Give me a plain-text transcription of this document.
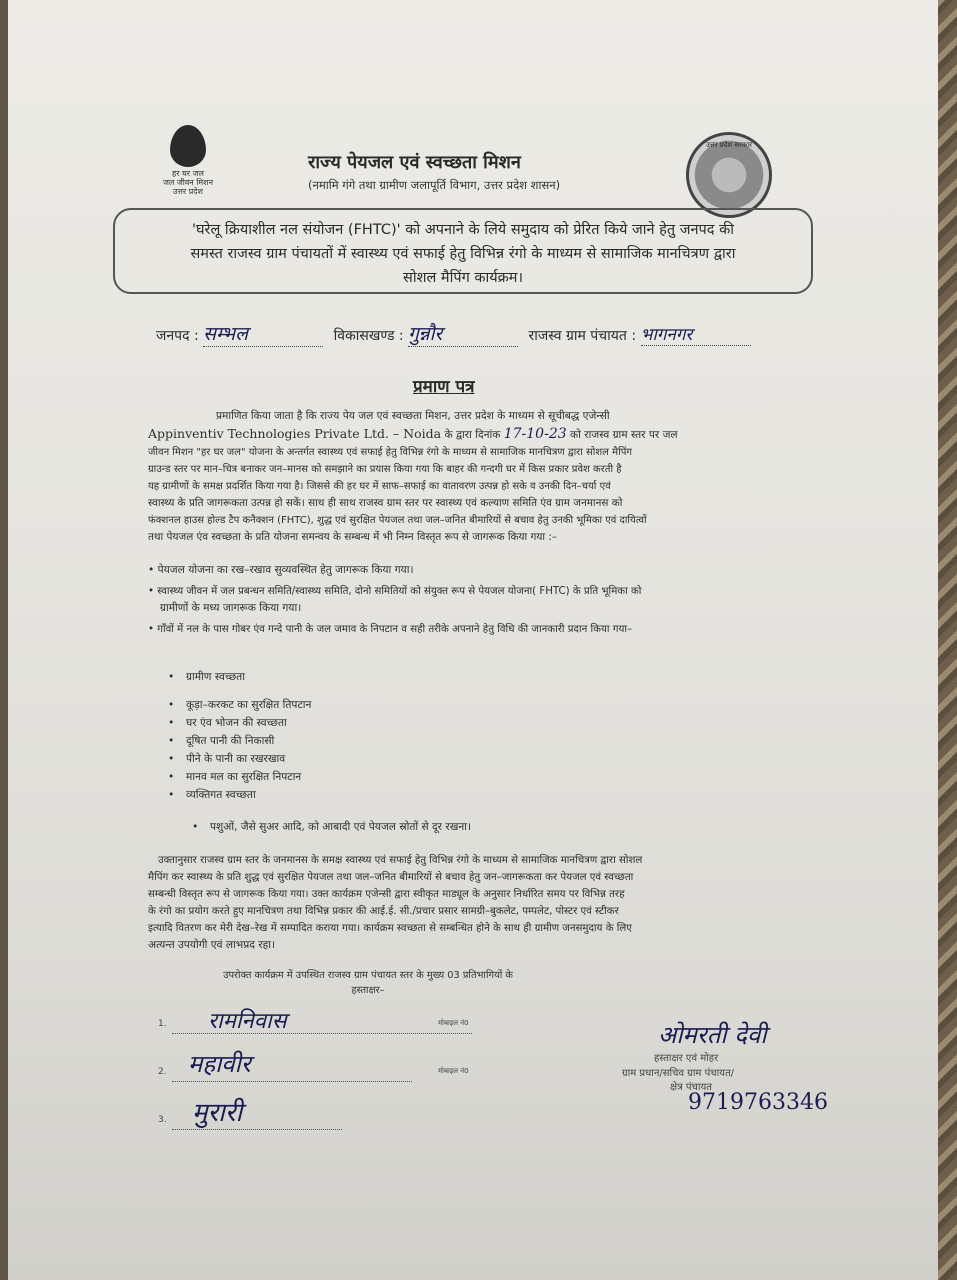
हर घर जल
जल जीवन मिशन
उत्तर प्रदेश
उत्तर प्रदेश सरकार
राज्य पेयजल एवं स्वच्छता मिशन
(नमामि गंगे तथा ग्रामीण जलापूर्ति विभाग, उत्तर प्रदेश शासन)
'घरेलू क्रियाशील नल संयोजन (FHTC)' को अपनाने के लिये समुदाय को प्रेरित किये जाने हेतु जनपद की
समस्त राजस्व ग्राम पंचायतों में स्वास्थ्य एवं सफाई हेतु विभिन्न रंगो के माध्यम से सामाजिक मानचित्रण द्वारा
सोशल मैपिंग कार्यक्रम।
जनपद : सम्भल	विकासखण्ड : गुन्नौर	राजस्व ग्राम पंचायत : भागनगर
प्रमाण पत्र
प्रमाणित किया जाता है कि राज्य पेय जल एवं स्वच्छता मिशन, उत्तर प्रदेश के माध्यम से सूचीबद्ध एजेन्सी
Appinventiv Technologies Private Ltd. – Noida के द्वारा दिनांक 17-10-23 को राजस्व ग्राम स्तर पर जल
जीवन मिशन "हर घर जल" योजना के अन्तर्गत स्वास्थ्य एवं सफाई हेतु विभिन्न रंगो के माध्यम से सामाजिक मानचित्रण द्वारा सोशल मैपिंग
ग्राउन्ड स्तर पर मान–चित्र बनाकर जन–मानस को समझाने का प्रयास किया गया कि बाहर की गन्दगी घर में किस प्रकार प्रवेश करती है
यह ग्रामीणों के समक्ष प्रदर्शित किया गया है। जिससे की हर घर में साफ–सफाई का वातावरण उत्पन्न हो सके व उनकी दिन–चर्या एवं
स्वास्थ्य के प्रति जागरूकता उत्पन्न हो सकें। साथ ही साथ राजस्व ग्राम स्तर पर स्वास्थ्य एवं कल्याण समिति एंव ग्राम जनमानस को
फंक्शनल हाउस होल्ड टैप कनैक्शन (FHTC), शुद्ध एवं सुरक्षित पेयजल तथा जल–जनित बीमारियों से बचाव हेतु उनकी भूमिका एवं दायित्वों
तथा पेयजल एंव स्वच्छता के प्रति योजना समन्वय के सम्बन्ध में भी निम्न विस्तृत रूप से जागरूक किया गया :–
• पेयजल योजना का रख–रखाव सुव्यवस्थित हेतु जागरूक किया गया।
• स्वास्थ्य जीवन में जल प्रबन्धन समिति/स्वास्थ्य समिति, दोनो समितियों को संयुक्त रूप से पेयजल योजना( FHTC) के प्रति भूमिका को
ग्रामीणों के मध्य जागरूक किया गया।
• गाँवों में नल के पास गोबर एंव गन्दे पानी के जल जमाव के निपटान व सही तरीके अपनाने हेतु विधि की जानकारी प्रदान किया गया–
• ग्रामीण स्वच्छता
• कूड़ा–करकट का सुरक्षित तिपटान
• घर एंव भोजन की स्वच्छता
• दूषित पानी की निकासी
• पीने के पानी का रखरखाव
• मानव मल का सुरक्षित निपटान
• व्यक्तिगत स्वच्छता
• पशुओं, जैसे सुअर आदि, को आबादी एवं पेयजल स्रोतों से दूर रखना।
उक्तानुसार राजस्व ग्राम स्तर के जनमानस के समक्ष स्वास्थ्य एवं सफाई हेतु विभिन्न रंगो के माध्यम से सामाजिक मानचित्रण द्वारा सोशल
मैपिंग कर स्वास्थ्य के प्रति शुद्ध एवं सुरक्षित पेयजल तथा जल–जनित बीमारियों से बचाव हेतु जन–जागरूकता कर पेयजल एवं स्वच्छता
सम्बन्धी विस्तृत रूप से जागरूक किया गया। उक्त कार्यक्रम एजेन्सी द्वारा स्वीकृत माड्यूल के अनुसार निर्धारित समय पर विभिन्न तरह
के रंगो का प्रयोग करते हुए मानचित्रण तथा विभिन्न प्रकार की आई.ई. सी./प्रचार प्रसार सामग्री–बुकलेट, पम्पलेट, पोस्टर एवं स्टीकर
इत्यादि वितरण कर मेरी देख–रेख में सम्पादित कराया गया। कार्यक्रम स्वच्छता से सम्बन्धित होने के साथ ही ग्रामीण जनसमुदाय के लिए
अत्यन्त उपयोगी एवं लाभप्रद रहा।
उपरोक्त कार्यक्रम में उपस्थित राजस्व ग्राम पंचायत स्तर के मुख्य 03 प्रतिभागियों के
हस्ताक्षर–
1. रामनिवास	मोबाइल नं0
2. महावीर	मोबाइल नं0
3. मुरारी
ओमरती देवी
हस्ताक्षर एवं मोहर
ग्राम प्रधान/सचिव ग्राम पंचायत/
क्षेत्र पंचायत
9719763346
